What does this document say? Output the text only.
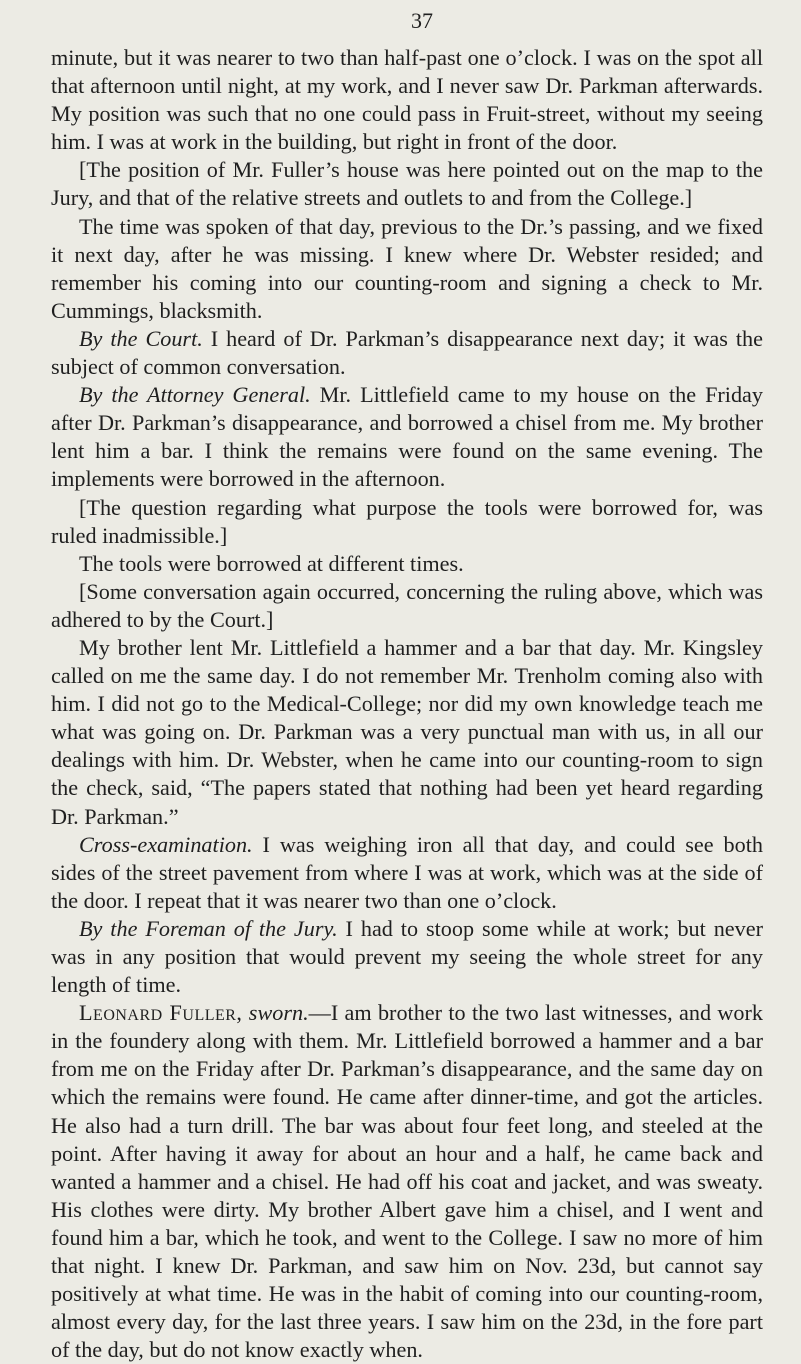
37

minute, but it was nearer to two than half-past one o’clock. I was on the spot all that afternoon until night, at my work, and I never saw Dr. Parkman afterwards. My position was such that no one could pass in Fruit-street, without my seeing him. I was at work in the building, but right in front of the door.

[The position of Mr. Fuller’s house was here pointed out on the map to the Jury, and that of the relative streets and outlets to and from the College.]

The time was spoken of that day, previous to the Dr.’s passing, and we fixed it next day, after he was missing. I knew where Dr. Webster resided; and remember his coming into our counting-room and signing a check to Mr. Cummings, blacksmith.

By the Court. I heard of Dr. Parkman’s disappearance next day; it was the subject of common conversation.

By the Attorney General. Mr. Littlefield came to my house on the Friday after Dr. Parkman’s disappearance, and borrowed a chisel from me. My brother lent him a bar. I think the remains were found on the same evening. The implements were borrowed in the afternoon.

[The question regarding what purpose the tools were borrowed for, was ruled inadmissible.]

The tools were borrowed at different times.

[Some conversation again occurred, concerning the ruling above, which was adhered to by the Court.]

My brother lent Mr. Littlefield a hammer and a bar that day. Mr. Kingsley called on me the same day. I do not remember Mr. Trenholm coming also with him. I did not go to the Medical-College; nor did my own knowledge teach me what was going on. Dr. Parkman was a very punctual man with us, in all our dealings with him. Dr. Webster, when he came into our counting-room to sign the check, said, “The papers stated that nothing had been yet heard regarding Dr. Parkman.”

Cross-examination. I was weighing iron all that day, and could see both sides of the street pavement from where I was at work, which was at the side of the door. I repeat that it was nearer two than one o’clock.

By the Foreman of the Jury. I had to stoop some while at work; but never was in any position that would prevent my seeing the whole street for any length of time.

Leonard Fuller, sworn.—I am brother to the two last witnesses, and work in the foundery along with them. Mr. Littlefield borrowed a hammer and a bar from me on the Friday after Dr. Parkman’s disappearance, and the same day on which the remains were found. He came after dinner-time, and got the articles. He also had a turn drill. The bar was about four feet long, and steeled at the point. After having it away for about an hour and a half, he came back and wanted a hammer and a chisel. He had off his coat and jacket, and was sweaty. His clothes were dirty. My brother Albert gave him a chisel, and I went and found him a bar, which he took, and went to the College. I saw no more of him that night. I knew Dr. Parkman, and saw him on Nov. 23d, but cannot say positively at what time. He was in the habit of coming into our counting-room, almost every day, for the last three years. I saw him on the 23d, in the fore part of the day, but do not know exactly when.
